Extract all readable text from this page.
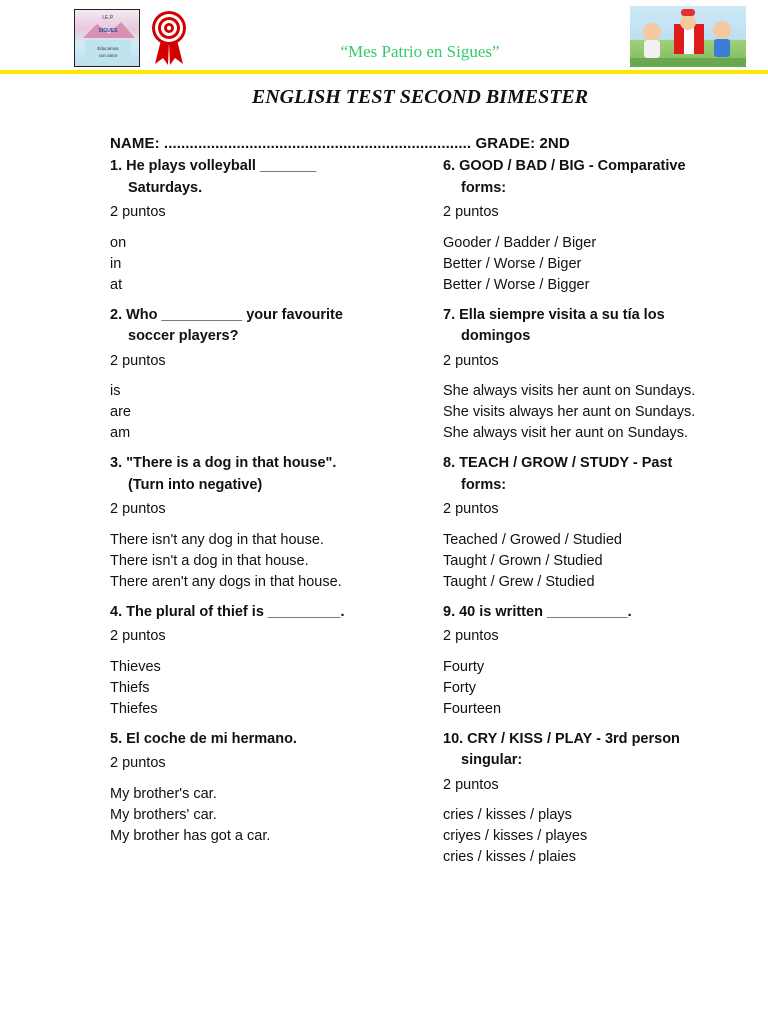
I.E.P.
SIGUES
Educamos
con amor	“Mes Patrio en Sigues”
ENGLISH TEST SECOND BIMESTER
NAME: ........................................................................ GRADE: 2ND
1. He plays volleyball _______
Saturdays.
2 puntos
on
in
at
2. Who __________ your favourite
soccer players?
2 puntos
is
are
am
3. "There is a dog in that house".
(Turn into negative)
2 puntos
There isn't any dog in that house.
There isn't a dog in that house.
There aren't any dogs in that house.
4. The plural of thief is _________.
2 puntos
Thieves
Thiefs
Thiefes
5. El coche de mi hermano.
2 puntos
My brother's car.
My brothers' car.
My brother has got a car.
6. GOOD / BAD / BIG - Comparative
forms:
2 puntos
Gooder / Badder / Biger
Better / Worse / Biger
Better / Worse / Bigger
7. Ella siempre visita a su tía los
domingos
2 puntos
She always visits her aunt on Sundays.
She visits always her aunt on Sundays.
She always visit her aunt on Sundays.
8. TEACH / GROW / STUDY - Past
forms:
2 puntos
Teached / Growed / Studied
Taught / Grown / Studied
Taught / Grew / Studied
9. 40 is written __________.
2 puntos
Fourty
Forty
Fourteen
10. CRY / KISS / PLAY - 3rd person
singular:
2 puntos
cries / kisses / plays
criyes / kisses / playes
cries / kisses / plaies
